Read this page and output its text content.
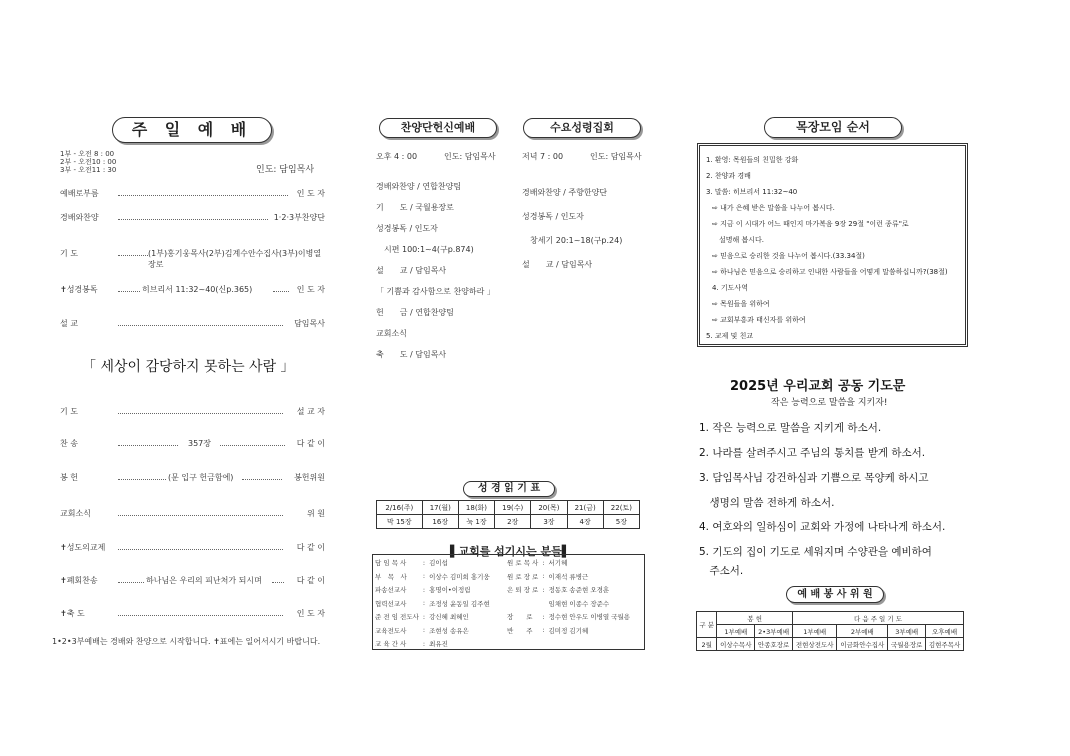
주 일 예 배
1부 - 오전 8 : 00
2부 - 오전10 : 00
3부 - 오전11 : 30	인도: 담임목사
예배로부름	인 도 자
경배와찬양	1·2·3부찬양단
기 도	(1부)홍기웅목사(2부)김계수안수집사(3부)이병열장로
✝성경봉독	히브리서 11:32~40(신p.365)	인 도 자
설 교	담임목사
「 세상이 감당하지 못하는 사람 」
기 도	설 교 자
찬 송	357장	다 같 이
봉 헌	(문 입구 헌금함에)	봉헌위원
교회소식	위 원
✝성도의교제	다 같 이
✝폐회찬송	하나님은 우리의 피난처가 되시며	다 같 이
✝축 도	인 도 자
1•2•3부예배는 경배와 찬양으로 시작합니다. ✝표에는 일어서시기 바랍니다.
찬양단헌신예배	수요성령집회
오후 4 : 00	인도: 담임목사
경배와찬양 / 연합찬양팀
기　　도 / 국월용장로
성경봉독 / 인도자
　시편 100:1~4(구p.874)
설　　교 / 담임목사
「 기쁨과 감사함으로 찬양하라 」
헌　　금 / 연합찬양팀
교회소식
축　　도 / 담임목사
저녁 7 : 00	인도: 담임목사
경배와찬양 / 주향한양단
성경봉독 / 인도자
　창세기 20:1~18(구p.24)
설　　교 / 담임목사
성 경 읽 기 표
2/16(주)	17(월)	18(화)	19(수)	20(목)	21(금)	22(토)
막 15장	16장	눅 1장	2장	3장	4장	5장
▌교회를 섬기시는 분들▌
담 임 목 사	:	김이섭
부　목　사	:	이상수 김미희 홍기웅
파송선교사	:	홍명이•이정림
협력선교사	:	조정성 윤동일 김주현
준 전 임 전도사	:	강신혜 최혜인
교육전도사	:	조현성 송유은
교 육 간 사	:	최유진
원 로 목 사	:	서기혜
원 로 장 로	:	이재석 류병근
은 퇴 장 로	:	정동호 송준현 오경훈
		임채현 이종수 장준수
장　　로	:	정수현 안우도 이병열 국월용
반　　주	:	김미정 김기혜
목장모임 순서
1. 환영: 목원들의 친밀한 강화
2. 찬양과 경배
3. 말씀: 히브리서 11:32~40
⇨ 내가 은혜 받은 말씀을 나누어 봅시다.
⇨ 지금 이 시대가 어느 때인지 마가복음 9장 29절 "이런 종류"로
　설명해 봅시다.
⇨ 믿음으로 승리한 것을 나누어 봅시다.(33.34절)
⇨ 하나님은 믿음으로 승리하고 인내한 사람들을 어떻게 말씀하십니까?(38절)
4. 기도사역
⇨ 목원들을 위하여
⇨ 교회부흥과 태신자를 위하여
5. 교제 및 친교
2025년 우리교회 공동 기도문
작은 능력으로 말씀을 지키자!
1. 작은 능력으로 말씀을 지키게 하소서.
2. 나라를 살려주시고 주님의 통치를 받게 하소서.
3. 담임목사님 강건하심과 기쁨으로 목양케 하시고
　생명의 말씀 전하게 하소서.
4. 여호와의 일하심이 교회와 가정에 나타나게 하소서.
5. 기도의 집이 기도로 세워지며 수양관을 예비하여
　주소서.
예 배 봉 사 위 원
구 분	봉 헌		다 음 주 일 기 도			
	1부예배	2•3부예배	1부예배	2부예배	3부예배	오후예배
2월	이상수목사	안종호장로	전현상전도사	이금화안수집사	국월용장로	김현주목사
